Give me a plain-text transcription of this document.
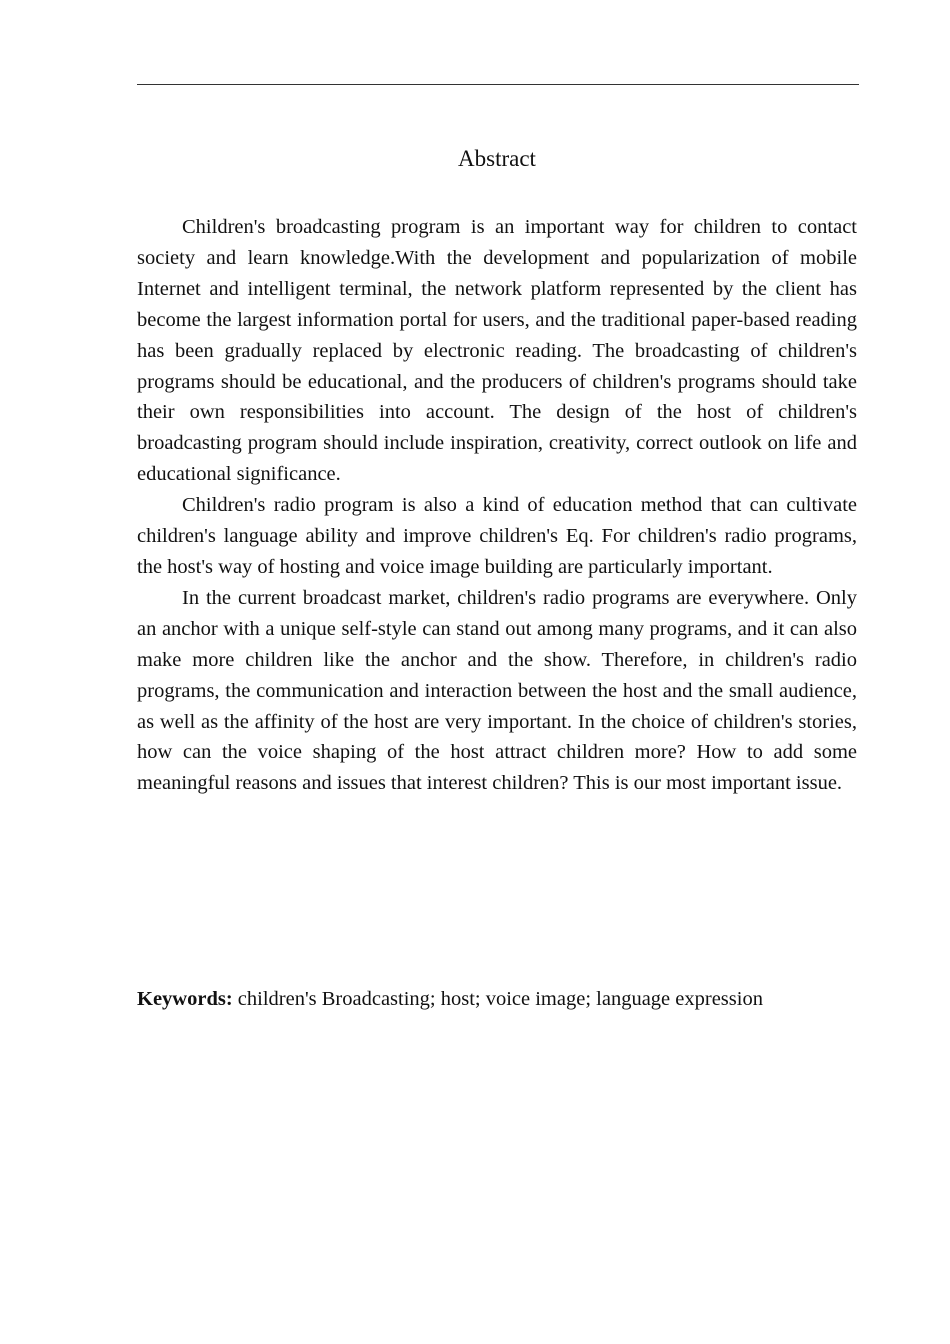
Abstract

Children's broadcasting program is an important way for children to contact society and learn knowledge.With the development and popularization of mobile Internet and intelligent terminal, the network platform represented by the client has become the largest information portal for users, and the traditional paper-based reading has been gradually replaced by electronic reading. The broadcasting of children's programs should be educational, and the producers of children's programs should take their own responsibilities into account. The design of the host of children's broadcasting program should include inspiration, creativity, correct outlook on life and educational significance.

Children's radio program is also a kind of education method that can cultivate children's language ability and improve children's Eq. For children's radio programs, the host's way of hosting and voice image building are particularly important.

In the current broadcast market, children's radio programs are everywhere. Only an anchor with a unique self-style can stand out among many programs, and it can also make more children like the anchor and the show. Therefore, in children's radio programs, the communication and interaction between the host and the small audience, as well as the affinity of the host are very important. In the choice of children's stories, how can the voice shaping of the host attract children more? How to add some meaningful reasons and issues that interest children? This is our most important issue.

Keywords: children's Broadcasting; host; voice image; language expression
